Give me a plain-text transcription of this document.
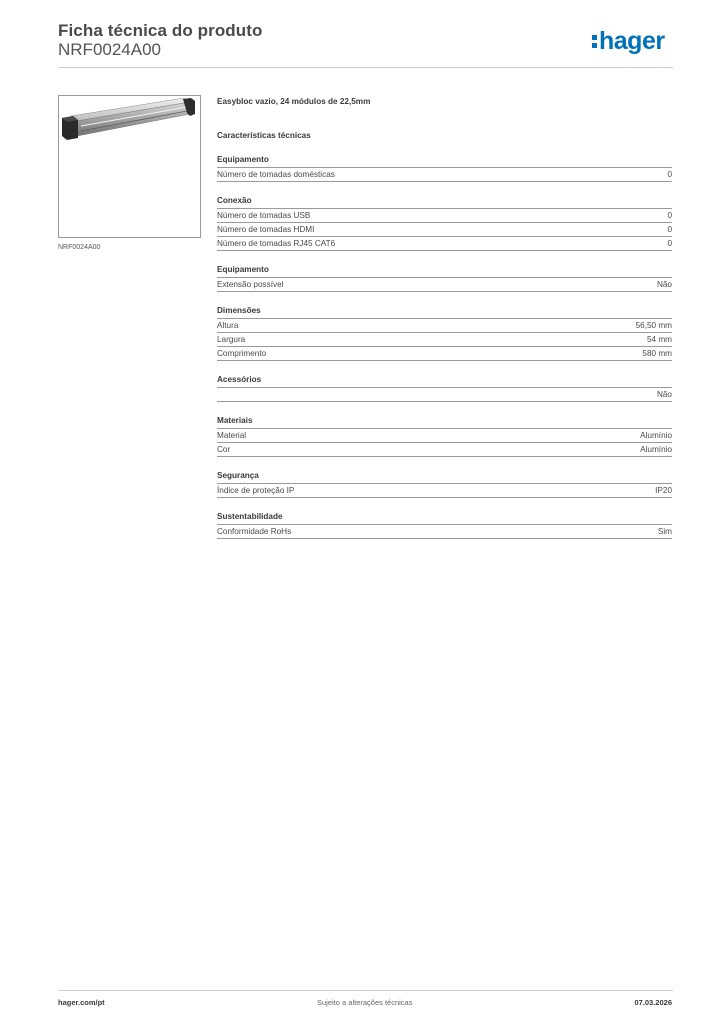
Ficha técnica do produto
NRF0024A00	hager
NRF0024A00
Easybloc vazio, 24 módulos de 22,5mm
Características técnicas
Equipamento
Número de tomadas domésticas	0
Conexão
Número de tomadas USB	0
Número de tomadas HDMI	0
Número de tomadas RJ45 CAT6	0
Equipamento
Extensão possível	Não
Dimensões
Altura	56,50 mm
Largura	54 mm
Comprimento	580 mm
Acessórios
Não
Materiais
Material	Alumínio
Cor	Alumínio
Segurança
Índice de proteção IP	IP20
Sustentabilidade
Conformidade RoHs	Sim
hager.com/pt	Sujeito a alterações técnicas	07.03.2026
